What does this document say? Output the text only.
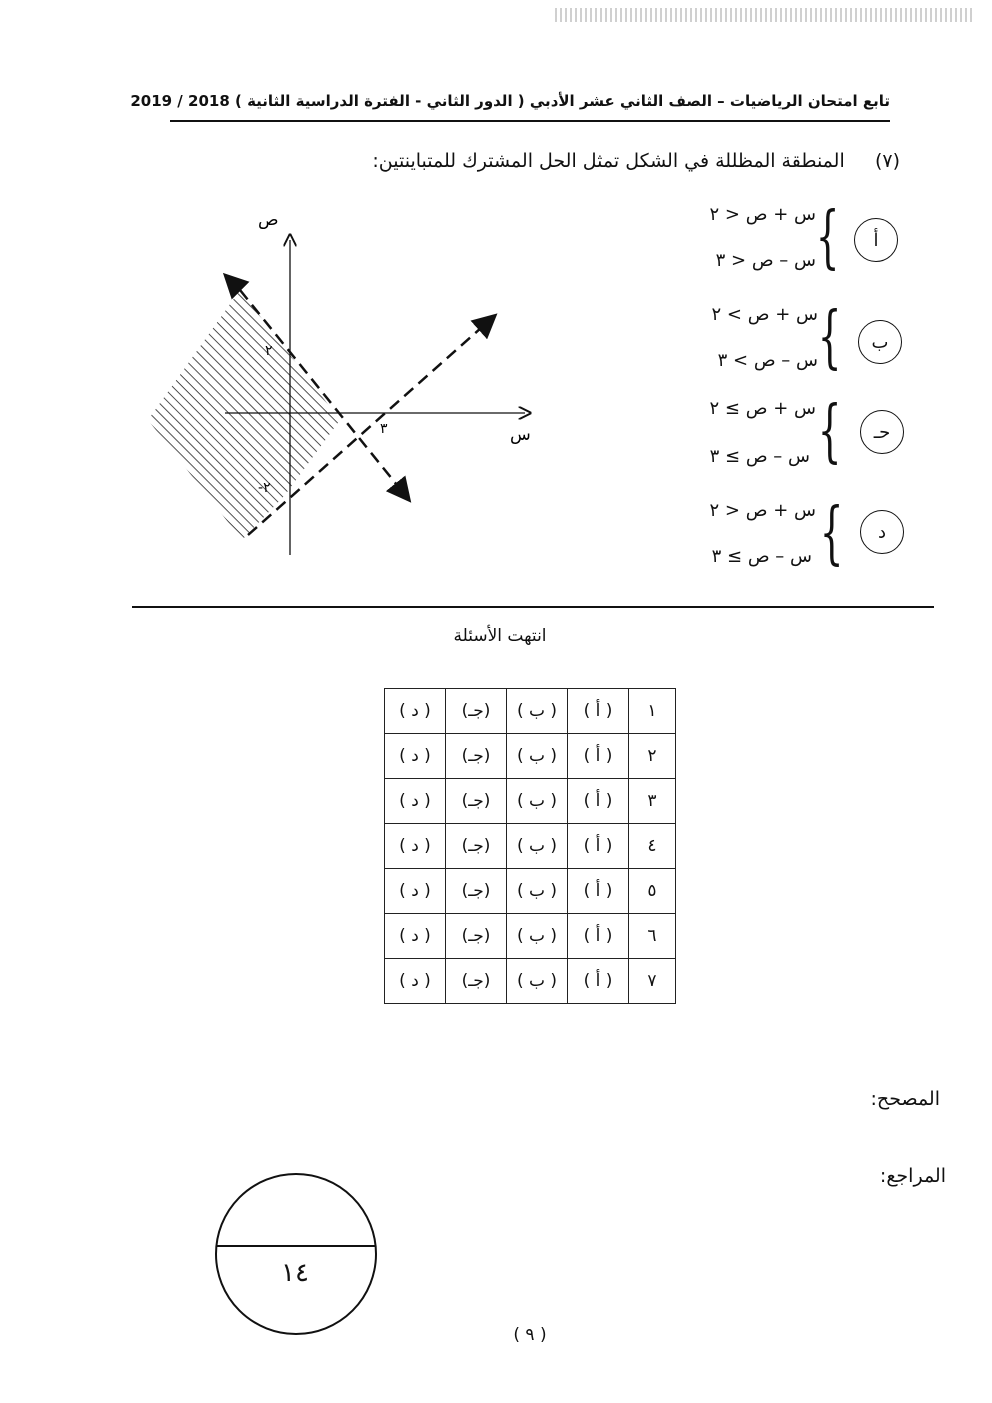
تابع امتحان الرياضيات – الصف الثاني عشر الأدبي ( الدور الثاني - الفترة الدراسية الثانية ) 2018 / 2019
(٧)     المنطقة المظللة في الشكل تمثل الحل المشترك للمتباينتين:
ص
س
٢
-٢
٣
أ
{
س + ص < ٢
س – ص < ٣
ب
{
س + ص > ٢
س – ص > ٣
حـ
{
س + ص ≥ ٢
س – ص ≥ ٣
د
{
س + ص < ٢
س – ص ≥ ٣
انتهت الأسئلة
( د )	(جـ)	( ب )	( أ )	١
( د )	(جـ)	( ب )	( أ )	٢
( د )	(جـ)	( ب )	( أ )	٣
( د )	(جـ)	( ب )	( أ )	٤
( د )	(جـ)	( ب )	( أ )	٥
( د )	(جـ)	( ب )	( أ )	٦
( د )	(جـ)	( ب )	( أ )	٧
المصحح:
المراجع:
١٤
( ٩ )
